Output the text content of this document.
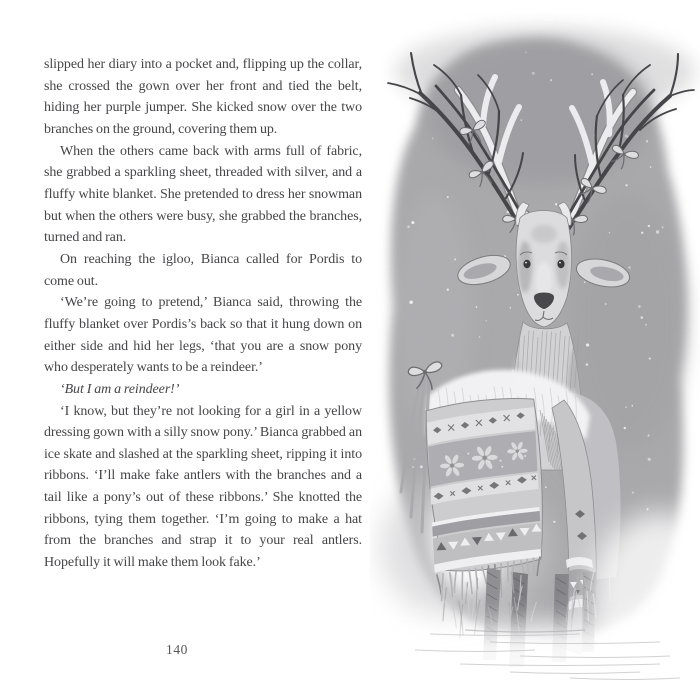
slipped her diary into a pocket and, flipping up the collar, she crossed the gown over her front and tied the belt, hiding her purple jumper. She kicked snow over the two branches on the ground, covering them up.
When the others came back with arms full of fabric, she grabbed a sparkling sheet, threaded with silver, and a fluffy white blanket. She pretended to dress her snowman but when the others were busy, she grabbed the branches, turned and ran.
On reaching the igloo, Bianca called for Pordis to come out.
‘We’re going to pretend,’ Bianca said, throwing the fluffy blanket over Pordis’s back so that it hung down on either side and hid her legs, ‘that you are a snow pony who desperately wants to be a reindeer.’
‘But I am a reindeer!’
‘I know, but they’re not looking for a girl in a yellow dressing gown with a silly snow pony.’ Bianca grabbed an ice skate and slashed at the sparkling sheet, ripping it into ribbons. ‘I’ll make fake antlers with the branches and a tail like a pony’s out of these ribbons.’ She knotted the ribbons, tying them together. ‘I’m going to make a hat from the branches and strap it to your real antlers. Hopefully it will make them look fake.’
140
